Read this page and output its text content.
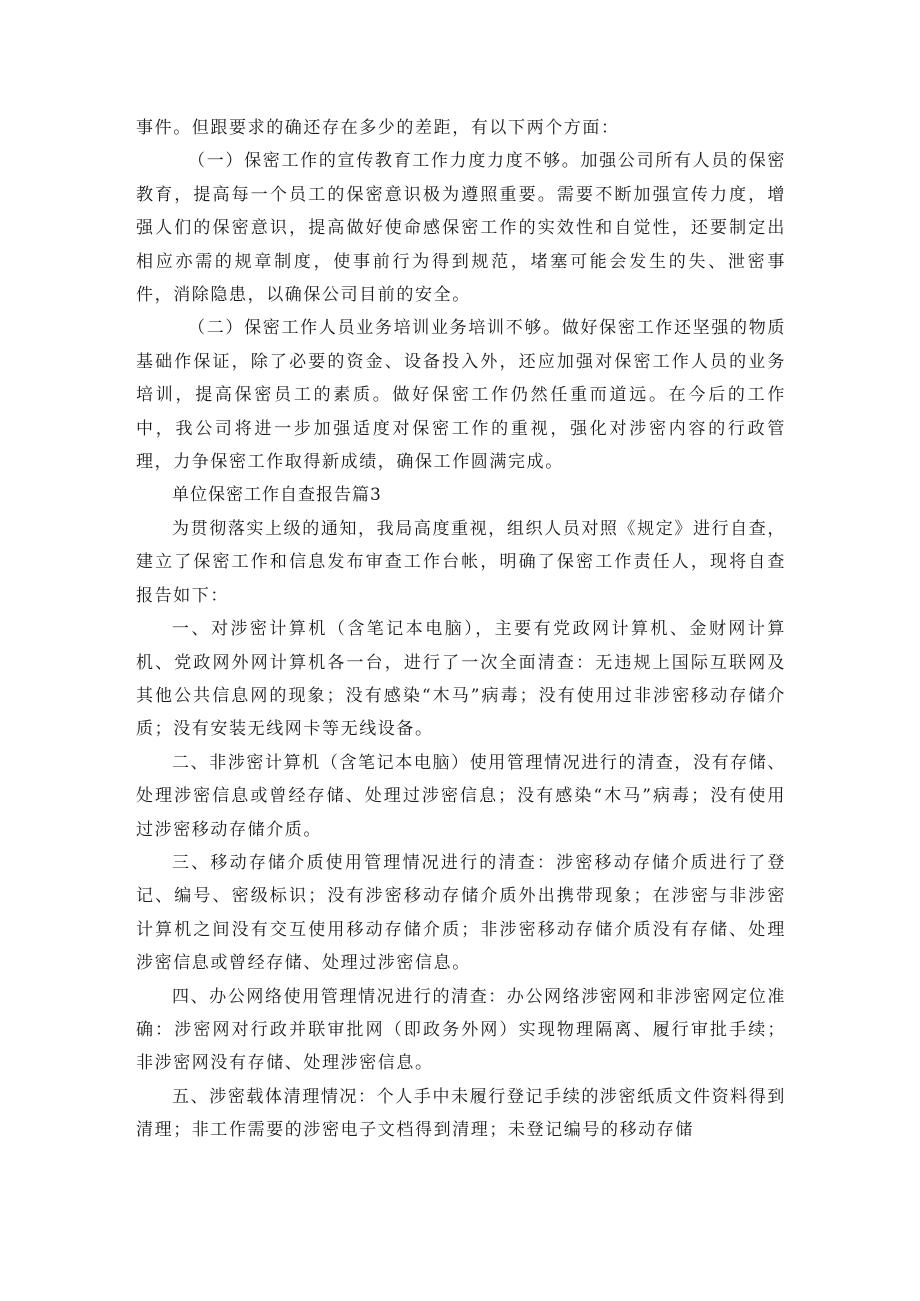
事件。但跟要求的确还存在多少的差距，有以下两个方面：

（一）保密工作的宣传教育工作力度力度不够。加强公司所有人员的保密教育，提高每一个员工的保密意识极为遵照重要。需要不断加强宣传力度，增强人们的保密意识，提高做好使命感保密工作的实效性和自觉性，还要制定出相应亦需的规章制度，使事前行为得到规范，堵塞可能会发生的失、泄密事件，消除隐患，以确保公司目前的安全。

（二）保密工作人员业务培训业务培训不够。做好保密工作还坚强的物质基础作保证，除了必要的资金、设备投入外，还应加强对保密工作人员的业务培训，提高保密员工的素质。做好保密工作仍然任重而道远。在今后的工作中，我公司将进一步加强适度对保密工作的重视，强化对涉密内容的行政管理，力争保密工作取得新成绩，确保工作圆满完成。

单位保密工作自查报告篇3

为贯彻落实上级的通知，我局高度重视，组织人员对照《规定》进行自查，建立了保密工作和信息发布审查工作台帐，明确了保密工作责任人，现将自查报告如下：

一、对涉密计算机（含笔记本电脑），主要有党政网计算机、金财网计算机、党政网外网计算机各一台，进行了一次全面清查：无违规上国际互联网及其他公共信息网的现象；没有感染“木马”病毒；没有使用过非涉密移动存储介质；没有安装无线网卡等无线设备。

二、非涉密计算机（含笔记本电脑）使用管理情况进行的清查，没有存储、处理涉密信息或曾经存储、处理过涉密信息；没有感染“木马”病毒；没有使用过涉密移动存储介质。

三、移动存储介质使用管理情况进行的清查：涉密移动存储介质进行了登记、编号、密级标识；没有涉密移动存储介质外出携带现象；在涉密与非涉密计算机之间没有交互使用移动存储介质；非涉密移动存储介质没有存储、处理涉密信息或曾经存储、处理过涉密信息。

四、办公网络使用管理情况进行的清查：办公网络涉密网和非涉密网定位准确：涉密网对行政并联审批网（即政务外网）实现物理隔离、履行审批手续；非涉密网没有存储、处理涉密信息。

五、涉密载体清理情况：个人手中未履行登记手续的涉密纸质文件资料得到清理；非工作需要的涉密电子文档得到清理；未登记编号的移动存储
